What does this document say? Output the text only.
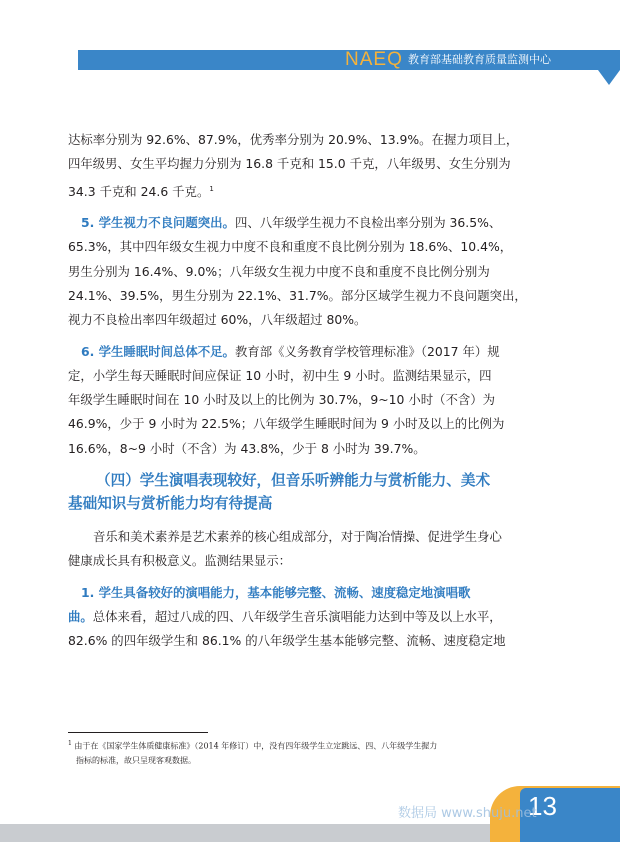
NAEQ 教育部基础教育质量监测中心

达标率分别为 92.6%、87.9%，优秀率分别为 20.9%、13.9%。在握力项目上，
四年级男、女生平均握力分别为 16.8 千克和 15.0 千克，八年级男、女生分别为
34.3 千克和 24.6 千克。$^1$

5. 学生视力不良问题突出。四、八年级学生视力不良检出率分别为 36.5%、

65.3%，其中四年级女生视力中度不良和重度不良比例分别为 18.6%、10.4%，
男生分别为 16.4%、9.0%；八年级女生视力中度不良和重度不良比例分别为
24.1%、39.5%，男生分别为 22.1%、31.7%。部分区域学生视力不良问题突出，
视力不良检出率四年级超过 60%，八年级超过 80%。

6. 学生睡眠时间总体不足。教育部《义务教育学校管理标准》（2017 年）规

定，小学生每天睡眠时间应保证 10 小时，初中生 9 小时。监测结果显示，四
年级学生睡眠时间在 10 小时及以上的比例为 30.7%，9~10 小时（不含）为
46.9%，少于 9 小时为 22.5%；八年级学生睡眠时间为 9 小时及以上的比例为
16.6%，8~9 小时（不含）为 43.8%，少于 8 小时为 39.7%。

（四）学生演唱表现较好，但音乐听辨能力与赏析能力、美术

基础知识与赏析能力均有待提高

音乐和美术素养是艺术素养的核心组成部分，对于陶冶情操、促进学生身心

健康成长具有积极意义。监测结果显示：

1. 学生具备较好的演唱能力，基本能够完整、流畅、速度稳定地演唱歌

曲。总体来看，超过八成的四、八年级学生音乐演唱能力达到中等及以上水平，
82.6% 的四年级学生和 86.1% 的八年级学生基本能够完整、流畅、速度稳定地

$^1$ 由于在《国家学生体质健康标准》（2014 年修订）中，没有四年级学生立定跳远、四、八年级学生握力
指标的标准，故只呈现客观数据。
13
数据局 www.shuju.net
